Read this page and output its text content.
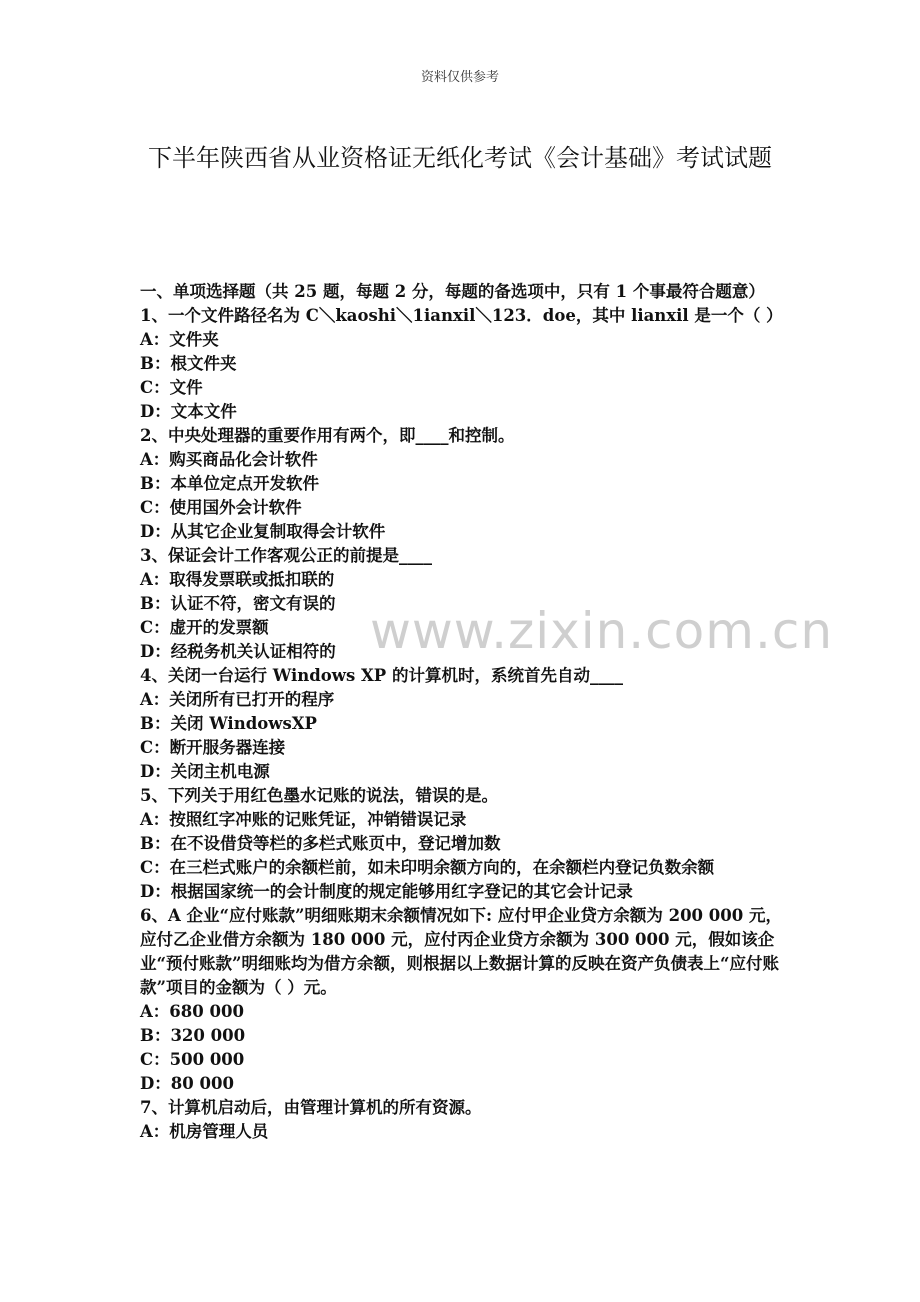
资料仅供参考
下半年陕西省从业资格证无纸化考试《会计基础》考试试题
www.zixin.com.cn

一、单项选择题（共 25 题，每题 2 分，每题的备选项中，只有 1 个事最符合题意）

1、一个文件路径名为 C＼kaoshi＼1ianxil＼123．doe，其中 lianxil 是一个（ ）

A：文件夹

B：根文件夹

C：文件

D：文本文件

2、中央处理器的重要作用有两个，即____和控制。

A：购买商品化会计软件

B：本单位定点开发软件

C：使用国外会计软件

D：从其它企业复制取得会计软件

3、保证会计工作客观公正的前提是____

A：取得发票联或抵扣联的

B：认证不符，密文有误的

C：虚开的发票额

D：经税务机关认证相符的

4、关闭一台运行 Windows XP 的计算机时，系统首先自动____

A：关闭所有已打开的程序

B：关闭 WindowsXP

C：断开服务器连接

D：关闭主机电源

5、下列关于用红色墨水记账的说法，错误的是。

A：按照红字冲账的记账凭证，冲销错误记录

B：在不设借贷等栏的多栏式账页中，登记增加数

C：在三栏式账户的余额栏前，如未印明余额方向的，在余额栏内登记负数余额

D：根据国家统一的会计制度的规定能够用红字登记的其它会计记录

6、A 企业“应付账款”明细账期末余额情况如下: 应付甲企业贷方余额为 200 000 元，应付乙企业借方余额为 180 000 元，应付丙企业贷方余额为 300 000 元，假如该企业“预付账款”明细账均为借方余额，则根据以上数据计算的反映在资产负债表上“应付账款”项目的金额为（ ）元。

A：680 000

B：320 000

C：500 000

D：80 000

7、计算机启动后，由管理计算机的所有资源。

A：机房管理人员
